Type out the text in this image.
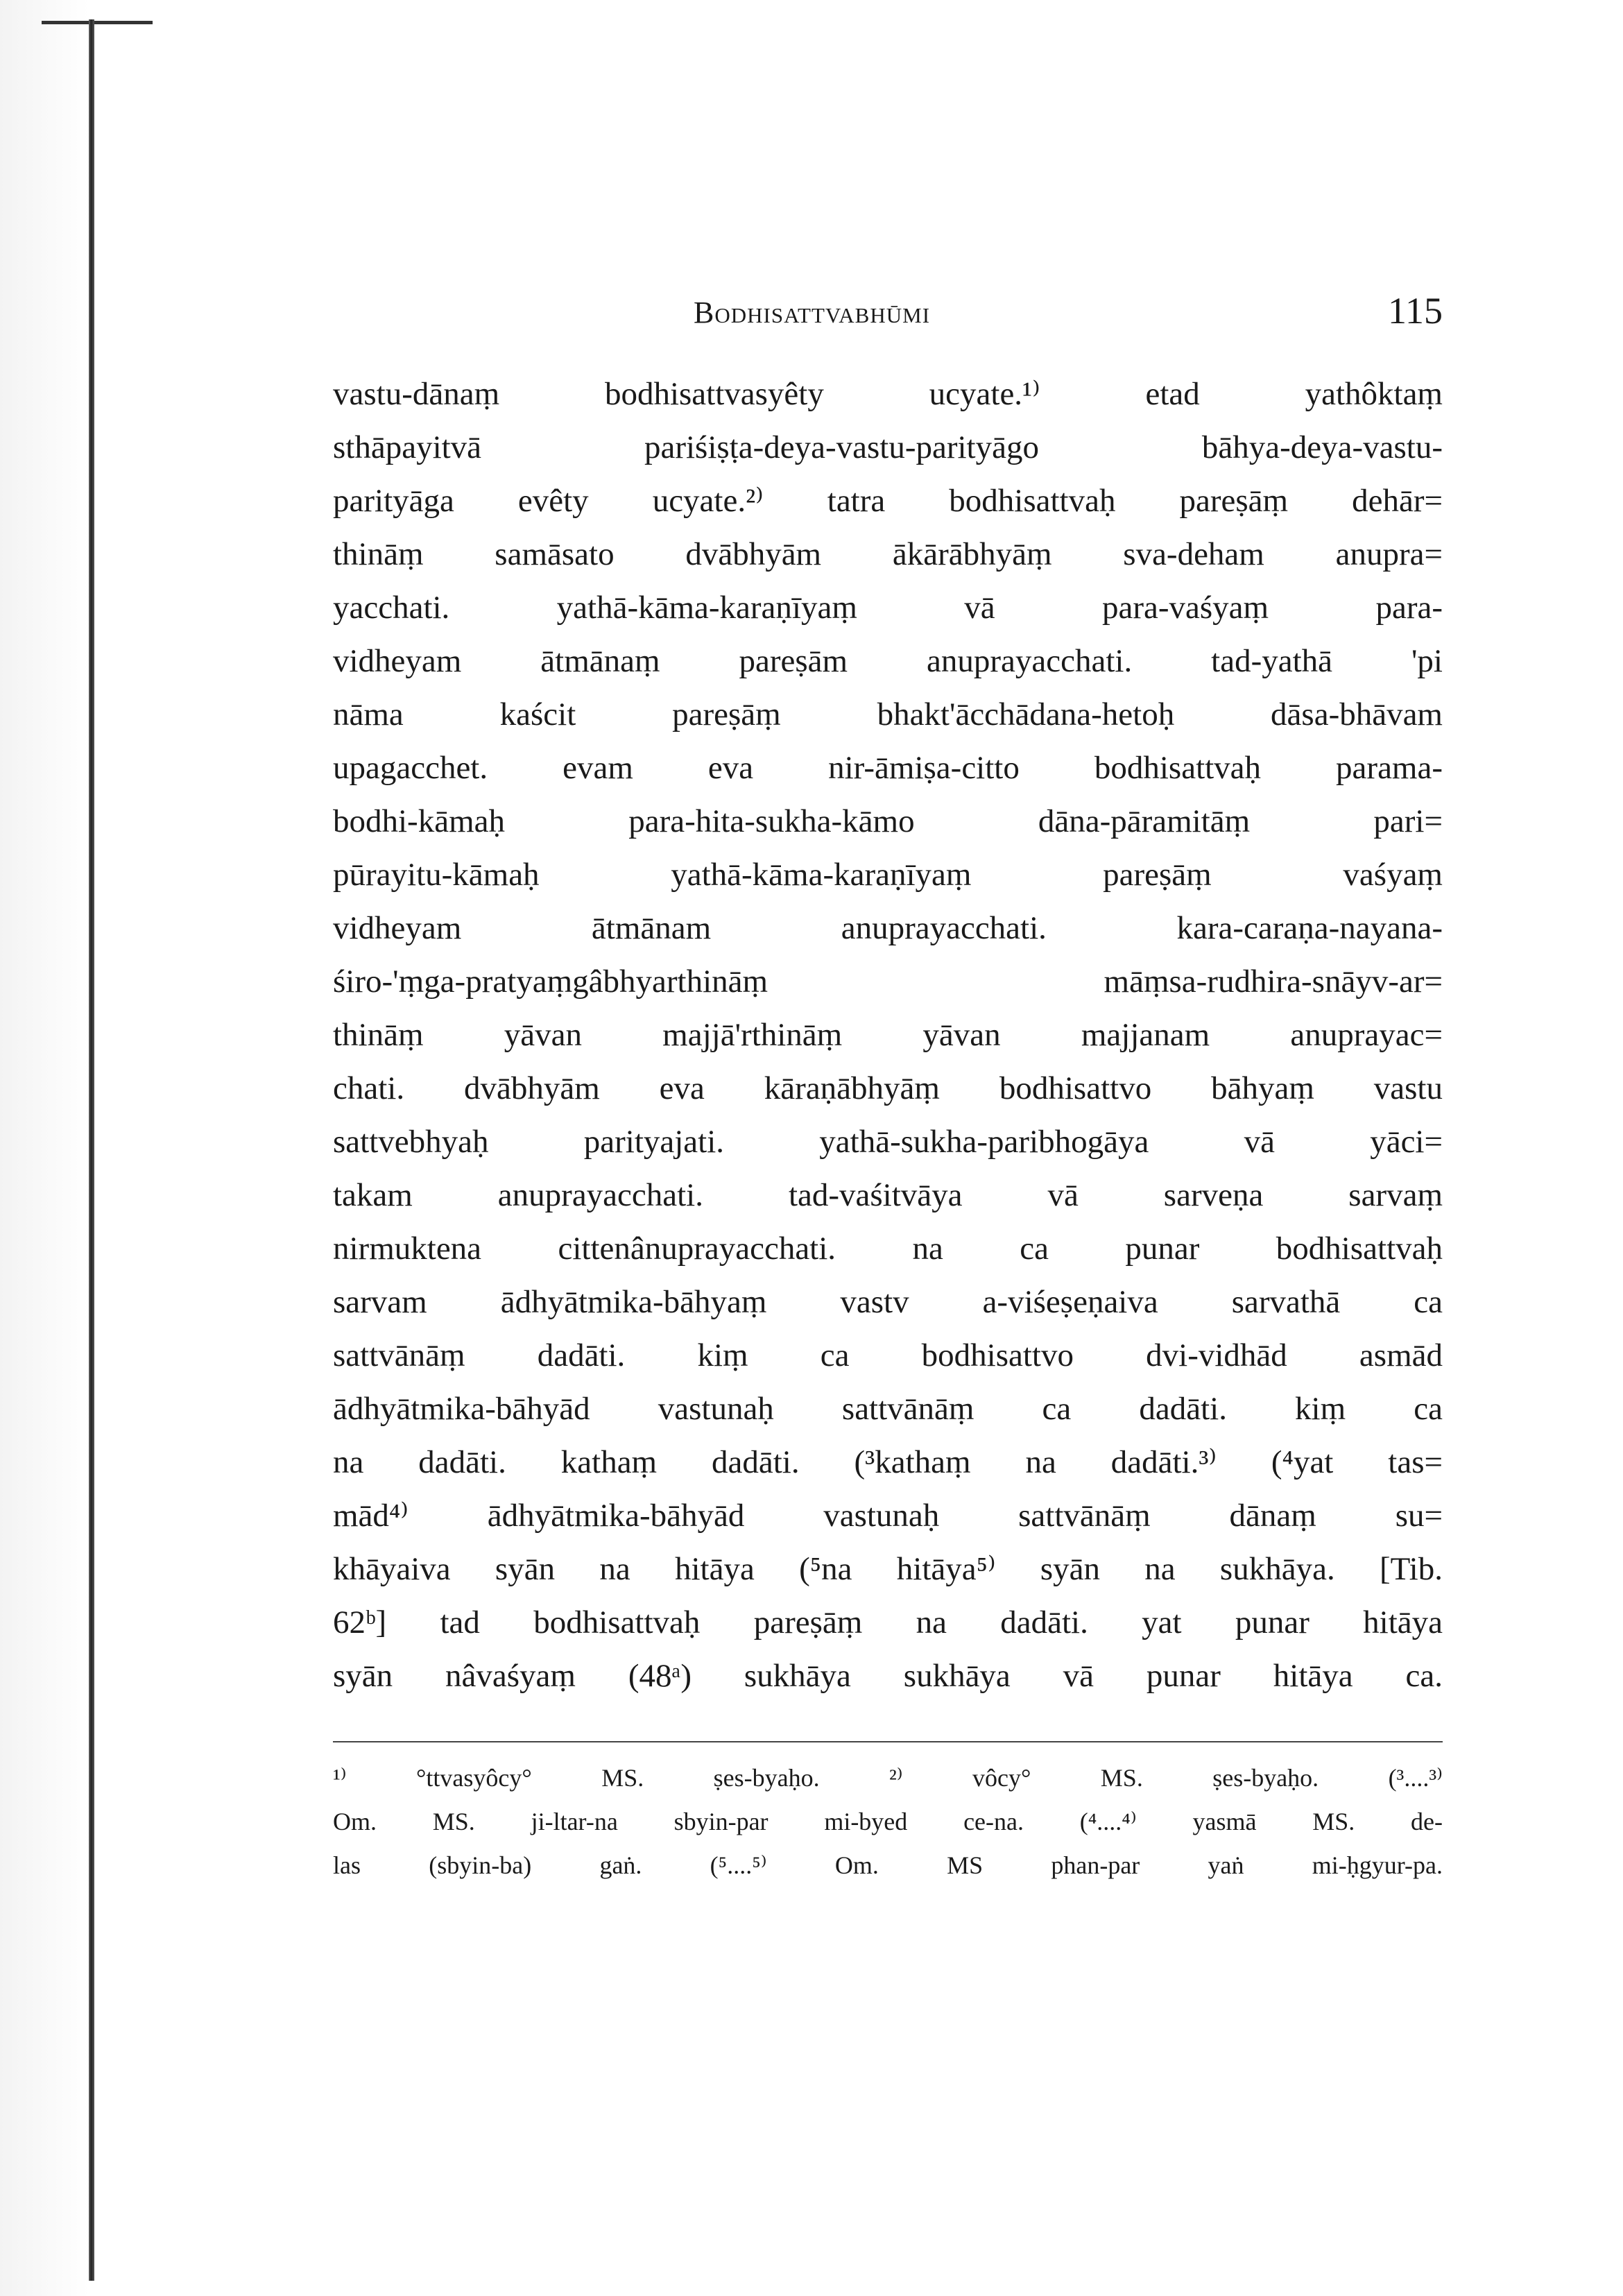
Bodhisattvabhūmi	115
vastu-dānaṃ bodhisattvasyêty ucyate.¹⁾ etad yathôktaṃ
sthāpayitvā pariśiṣṭa-deya-vastu-parityāgo bāhya-deya-vastu-
parityāga evêty ucyate.²⁾ tatra bodhisattvaḥ pareṣāṃ dehār=
thināṃ samāsato dvābhyām ākārābhyāṃ sva-deham anupra=
yacchati. yathā-kāma-karaṇīyaṃ vā para-vaśyaṃ para-
vidheyam ātmānaṃ pareṣām anuprayacchati. tad-yathā 'pi
nāma kaścit pareṣāṃ bhakt'ācchādana-hetoḥ dāsa-bhāvam
upagacchet. evam eva nir-āmiṣa-citto bodhisattvaḥ parama-
bodhi-kāmaḥ para-hita-sukha-kāmo dāna-pāramitāṃ pari=
pūrayitu-kāmaḥ yathā-kāma-karaṇīyaṃ pareṣāṃ vaśyaṃ
vidheyam ātmānam anuprayacchati. kara-caraṇa-nayana-
śiro-'ṃga-pratyaṃgâbhyarthināṃ māṃsa-rudhira-snāyv-ar=
thināṃ yāvan majjā'rthināṃ yāvan majjanam anuprayac=
chati. dvābhyām eva kāraṇābhyāṃ bodhisattvo bāhyaṃ vastu
sattvebhyaḥ parityajati. yathā-sukha-paribhogāya vā yāci=
takam anuprayacchati. tad-vaśitvāya vā sarveṇa sarvaṃ
nirmuktena cittenânuprayacchati. na ca punar bodhisattvaḥ
sarvam ādhyātmika-bāhyaṃ vastv a-viśeṣeṇaiva sarvathā ca
sattvānāṃ dadāti. kiṃ ca bodhisattvo dvi-vidhād asmād
ādhyātmika-bāhyād vastunaḥ sattvānāṃ ca dadāti. kiṃ ca
na dadāti. kathaṃ dadāti. (³kathaṃ na dadāti.³⁾ (⁴yat tas=
mād⁴⁾ ādhyātmika-bāhyād vastunaḥ sattvānāṃ dānaṃ su=
khāyaiva syān na hitāya (⁵na hitāya⁵⁾ syān na sukhāya. [Tib.
62ᵇ] tad bodhisattvaḥ pareṣāṃ na dadāti. yat punar hitāya
syān nâvaśyaṃ (48ᵃ) sukhāya sukhāya vā punar hitāya ca.
¹⁾ °ttvasyôcy° MS. ṣes-byaḥo. ²⁾ vôcy° MS. ṣes-byaḥo. (³....³⁾
Om. MS. ji-ltar-na sbyin-par mi-byed ce-na. (⁴....⁴⁾ yasmā MS. de-
las (sbyin-ba) gaṅ. (⁵....⁵⁾ Om. MS phan-par yaṅ mi-ḥgyur-pa.
